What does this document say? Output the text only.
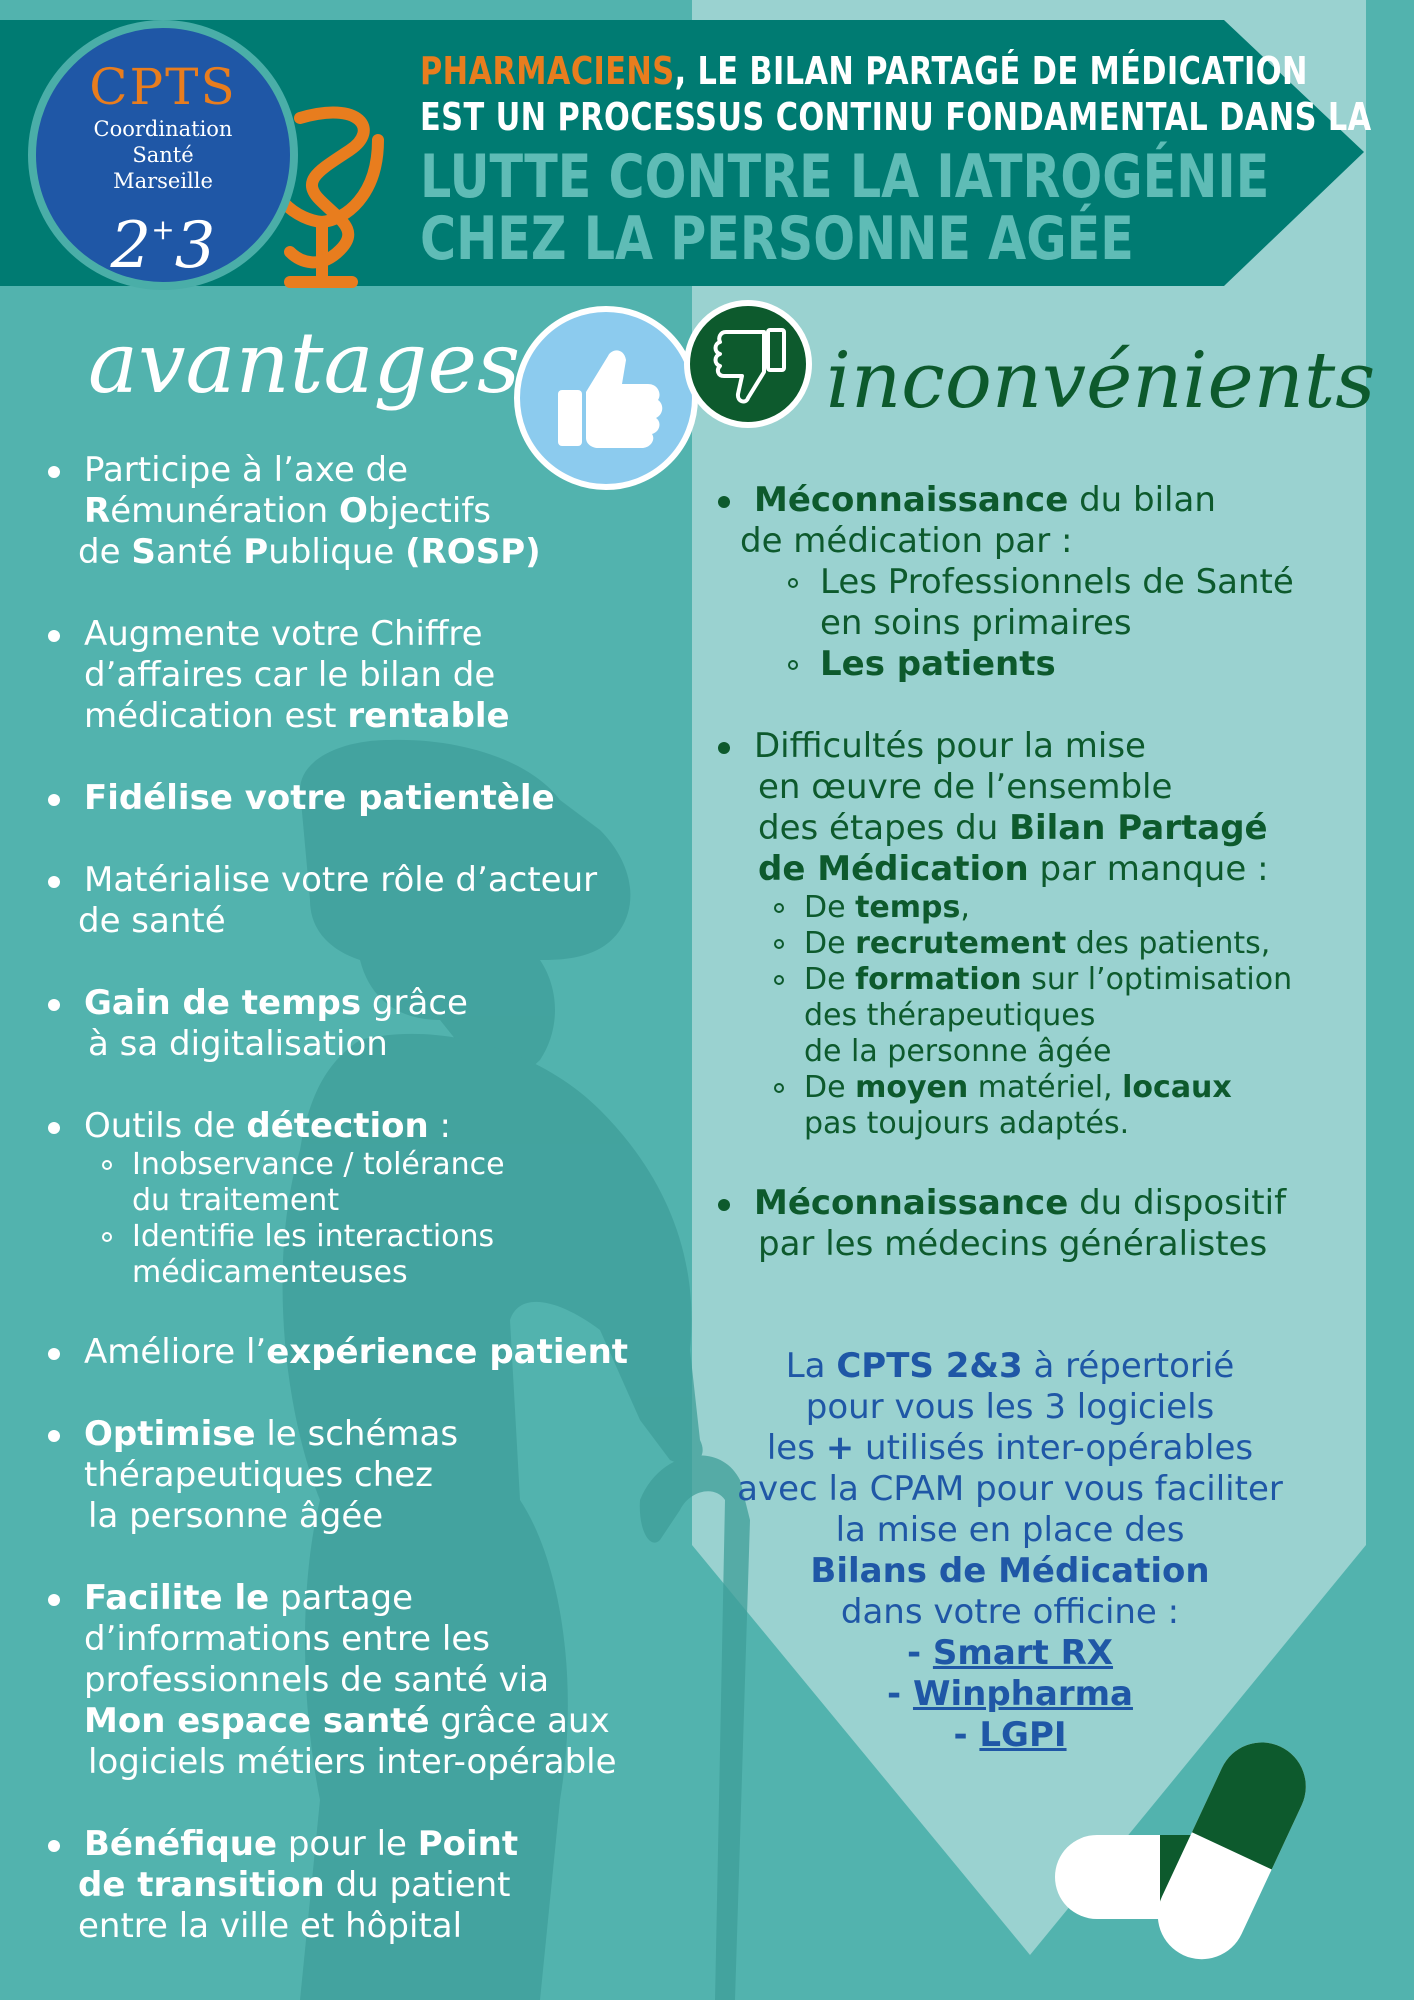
CPTS
Coordination
Santé
Marseille
2+3
PHARMACIENS, LE BILAN PARTAGÉ DE MÉDICATION
EST UN PROCESSUS CONTINU FONDAMENTAL DANS LA
LUTTE CONTRE LA IATROGÉNIE
CHEZ LA PERSONNE AGÉE
avantages	inconvénients
Participe à l’axe de
Rémunération Objectifs
de Santé Publique (ROSP)
Augmente votre Chiffre
d’affaires car le bilan de
médication est rentable
Fidélise votre patientèle
Matérialise votre rôle d’acteur
de santé
Gain de temps grâce
à sa digitalisation
Outils de détection :
Inobservance / tolérance
du traitement
Identifie les interactions
médicamenteuses
Améliore l’expérience patient
Optimise le schémas
thérapeutiques chez
la personne âgée
Facilite le partage
d’informations entre les
professionnels de santé via
Mon espace santé grâce aux
logiciels métiers inter-opérable
Bénéfique pour le Point
de transition du patient
entre la ville et hôpital
Méconnaissance du bilan
de médication par :
Les Professionnels de Santé
en soins primaires
Les patients
Difficultés pour la mise
en œuvre de l’ensemble
des étapes du Bilan Partagé
de Médication par manque :
De temps,
De recrutement des patients,
De formation sur l’optimisation
des thérapeutiques
de la personne âgée
De moyen matériel, locaux
pas toujours adaptés.
Méconnaissance du dispositif
par les médecins généralistes
La CPTS 2&3 à répertorié
pour vous les 3 logiciels
les + utilisés inter-opérables
avec la CPAM pour vous faciliter
la mise en place des
Bilans de Médication
dans votre officine :
- Smart RX
- Winpharma
- LGPI
